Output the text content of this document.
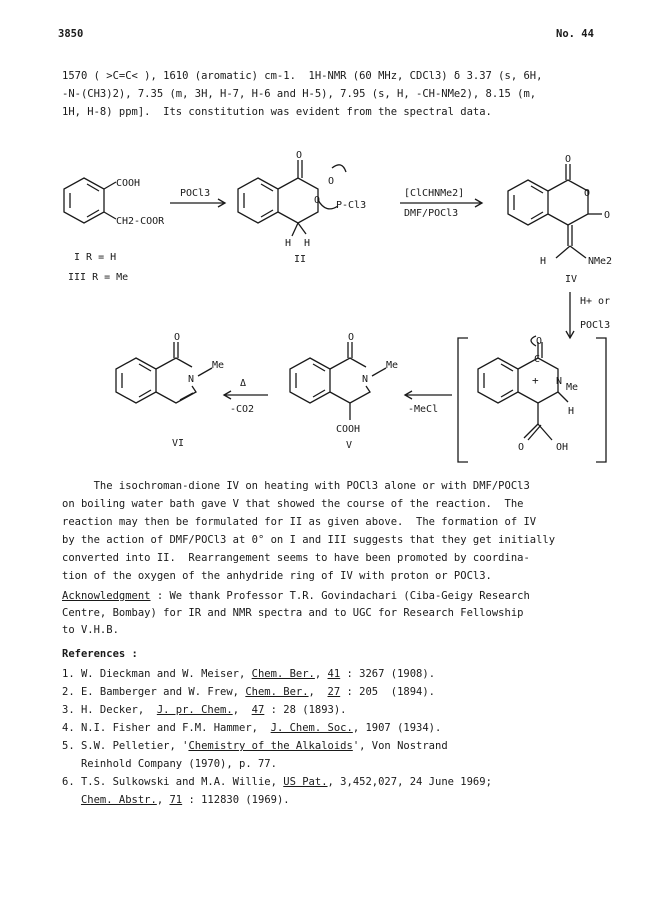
3850	No. 44
1570 ( >C=C< ), 1610 (aromatic) cm-1.  1H-NMR (60 MHz, CDCl3) δ 3.37 (s, 6H,
-N-(CH3)2), 7.35 (m, 3H, H-7, H-6 and H-5), 7.95 (s, H, -CH-NMe2), 8.15 (m,
1H, H-8) ppm].  Its constitution was evident from the spectral data.
COOH
CH2-COOR
I R = H
III R = Me
POCl3
O
O
O
P-Cl3
H H
II
[ClCHNMe2]
DMF/POCl3
O
O
O
H	NMe2
IV
H+ or
POCl3
O
C
+ N
Me
H
O	OH
-MeCl
O
N
Me
COOH
V
Δ
-CO2
O
N
Me
VI
The isochroman-dione IV on heating with POCl3 alone or with DMF/POCl3
on boiling water bath gave V that showed the course of the reaction.  The
reaction may then be formulated for II as given above.  The formation of IV
by the action of DMF/POCl3 at 0° on I and III suggests that they get initially
converted into II.  Rearrangement seems to have been promoted by coordina-
tion of the oxygen of the anhydride ring of IV with proton or POCl3.
Acknowledgment : We thank Professor T.R. Govindachari (Ciba-Geigy Research
Centre, Bombay) for IR and NMR spectra and to UGC for Research Fellowship
to V.H.B.
References :
1. W. Dieckman and W. Meiser, Chem. Ber., 41 : 3267 (1908).
2. E. Bamberger and W. Frew, Chem. Ber.,  27 : 205  (1894).
3. H. Decker,  J. pr. Chem.,  47 : 28 (1893).
4. N.I. Fisher and F.M. Hammer,  J. Chem. Soc., 1907 (1934).
5. S.W. Pelletier, 'Chemistry of the Alkaloids', Von Nostrand
Reinhold Company (1970), p. 77.
6. T.S. Sulkowski and M.A. Willie, US Pat., 3,452,027, 24 June 1969;
Chem. Abstr., 71 : 112830 (1969).
